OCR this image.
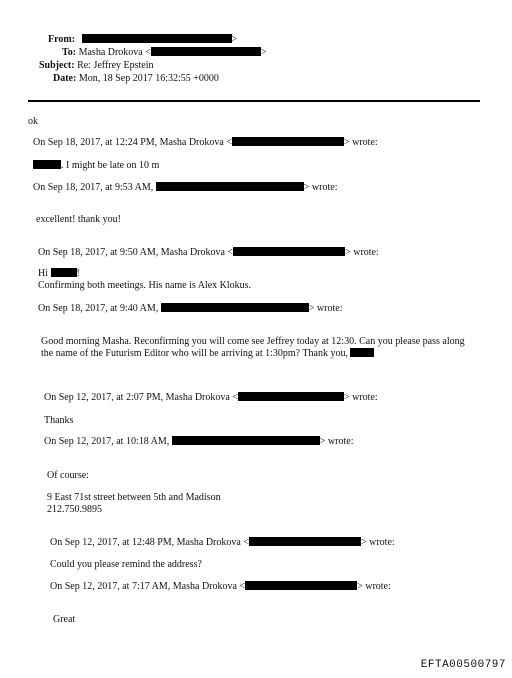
From:	>
To: Masha Drokova <	>
Subject: Re: Jeffrey Epstein
Date: Mon, 18 Sep 2017 16:32:55 +0000
ok
On Sep 18, 2017, at 12:24 PM, Masha Drokova <	> wrote:
. I might be late on 10 m
On Sep 18, 2017, at 9:53 AM,	> wrote:
excellent! thank you!
On Sep 18, 2017, at 9:50 AM, Masha Drokova <	> wrote:
Hi	!
Confirming both meetings. His name is Alex Klokus.
On Sep 18, 2017, at 9:40 AM,	> wrote:
Good morning Masha. Reconfirming you will come see Jeffrey today at 12:30. Can you please pass along
the name of the Futurism Editor who will be arriving at 1:30pm? Thank you,
On Sep 12, 2017, at 2:07 PM, Masha Drokova <	> wrote:
Thanks
On Sep 12, 2017, at 10:18 AM,	> wrote:
Of course:
9 East 71st street between 5th and Madison
212.750.9895
On Sep 12, 2017, at 12:48 PM, Masha Drokova <	> wrote:
Could you please remind the address?
On Sep 12, 2017, at 7:17 AM, Masha Drokova <	> wrote:
Great
EFTA00500797
